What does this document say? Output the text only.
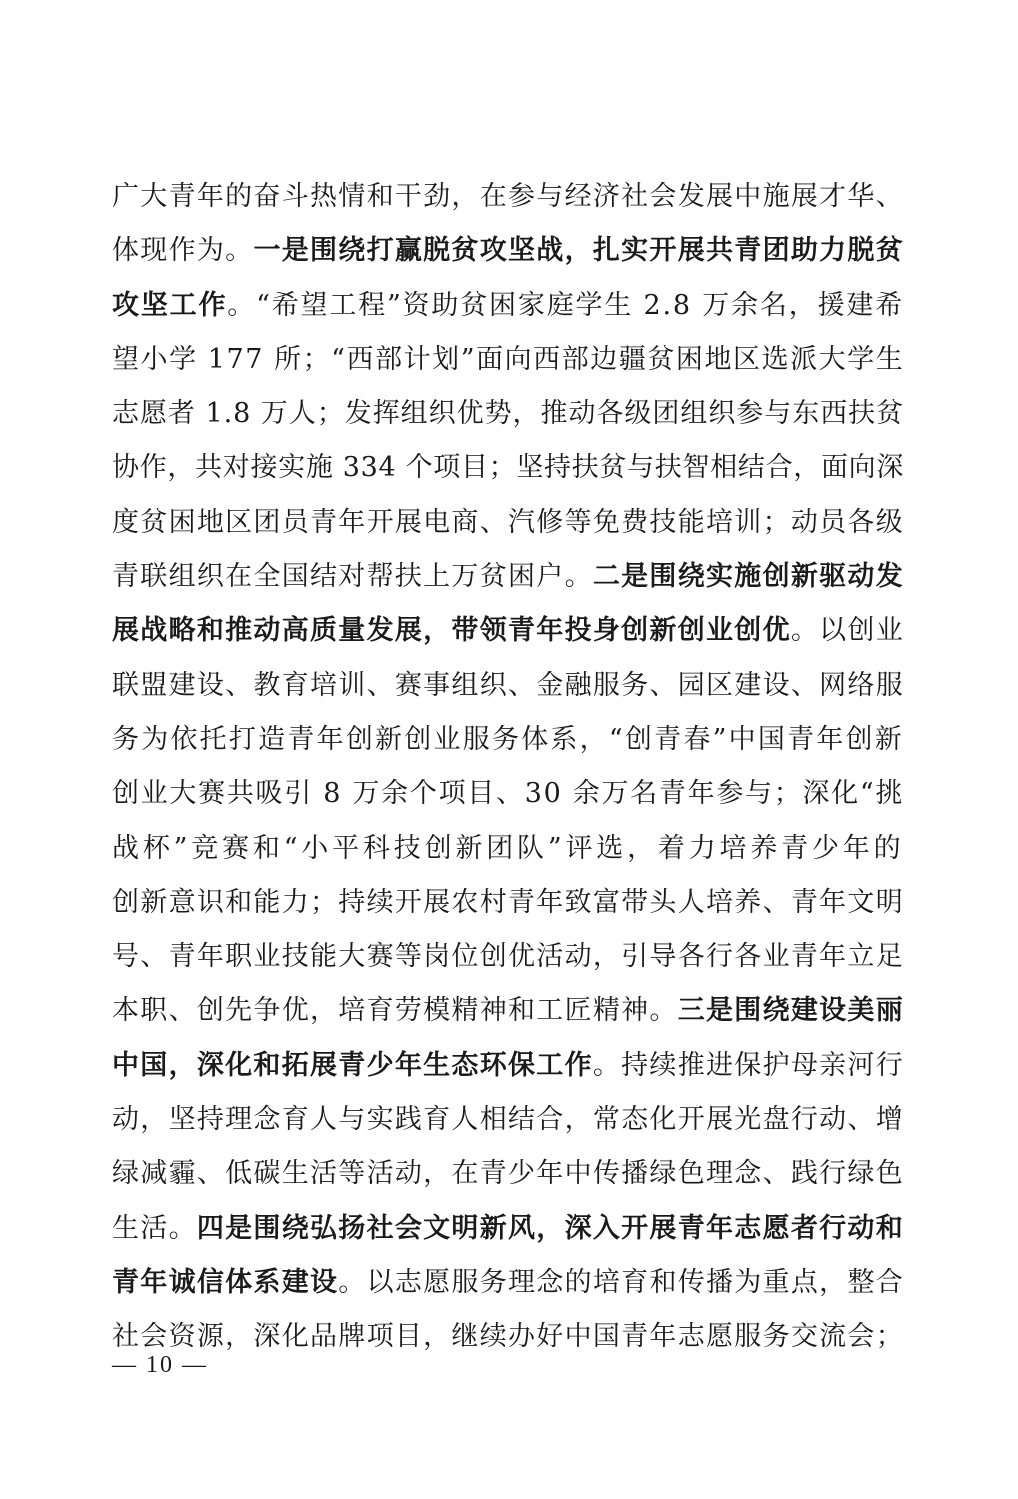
广大青年的奋斗热情和干劲，在参与经济社会发展中施展才华、
体现作为。一是围绕打赢脱贫攻坚战，扎实开展共青团助力脱贫
攻坚工作。“希望工程”资助贫困家庭学生 2.8 万余名，援建希
望小学 177 所；“西部计划”面向西部边疆贫困地区选派大学生
志愿者 1.8 万人；发挥组织优势，推动各级团组织参与东西扶贫
协作，共对接实施 334 个项目；坚持扶贫与扶智相结合，面向深
度贫困地区团员青年开展电商、汽修等免费技能培训；动员各级
青联组织在全国结对帮扶上万贫困户。二是围绕实施创新驱动发
展战略和推动高质量发展，带领青年投身创新创业创优。以创业
联盟建设、教育培训、赛事组织、金融服务、园区建设、网络服
务为依托打造青年创新创业服务体系，“创青春”中国青年创新
创业大赛共吸引 8 万余个项目、30 余万名青年参与；深化“挑
战杯”竞赛和“小平科技创新团队”评选，着力培养青少年的
创新意识和能力；持续开展农村青年致富带头人培养、青年文明
号、青年职业技能大赛等岗位创优活动，引导各行各业青年立足
本职、创先争优，培育劳模精神和工匠精神。三是围绕建设美丽
中国，深化和拓展青少年生态环保工作。持续推进保护母亲河行
动，坚持理念育人与实践育人相结合，常态化开展光盘行动、增
绿减霾、低碳生活等活动，在青少年中传播绿色理念、践行绿色
生活。四是围绕弘扬社会文明新风，深入开展青年志愿者行动和
青年诚信体系建设。以志愿服务理念的培育和传播为重点，整合
社会资源，深化品牌项目，继续办好中国青年志愿服务交流会；
— 10 —
